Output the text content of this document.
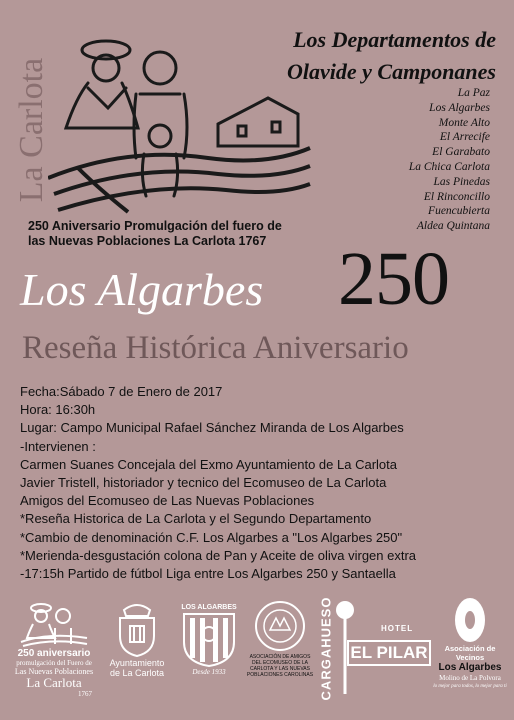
La Carlota
Los Departamentos de
Olavide y Camponanes
La Paz
Los Algarbes
Monte Alto
El Arrecife
El Garabato
La Chica Carlota
Las Pinedas
El Rinconcillo
Fuencubierta
Aldea Quintana
250 Aniversario Promulgación del fuero de
las Nuevas Poblaciones La Carlota 1767
Los Algarbes 250
Reseña Histórica Aniversario
Fecha:Sábado 7 de Enero de 2017
Hora: 16:30h
Lugar: Campo Municipal Rafael Sánchez Miranda de Los Algarbes
-Intervienen :
Carmen Suanes Concejala del Exmo Ayuntamiento de La Carlota
Javier Tristell, historiador y tecnico del Ecomuseo de La Carlota
Amigos del Ecomuseo de Las Nuevas Poblaciones
*Reseña Historica de La Carlota y el Segundo Departamento
*Cambio de denominación C.F. Los Algarbes a "Los Algarbes 250"
*Merienda-desgustación colona de Pan y Aceite de oliva virgen extra
-17:15h Partido de fútbol Liga entre Los Algarbes 250 y Santaella
250 aniversario
promulgación del Fuero de
Las Nuevas Poblaciones
La Carlota
1767
Ayuntamiento
de La Carlota
LOS ALGARBES
Desde 1933
ASOCIACIÓN DE AMIGOS DEL ECOMUSEO DE LA CARLOTA Y LAS NUEVAS POBLACIONES CAROLINAS CARGAHUESO	HOTEL
EL PILAR	Asociación de Vecinos
Los Algarbes
Molino de La Polvora
lo mejor para todos, lo mejor para ti
